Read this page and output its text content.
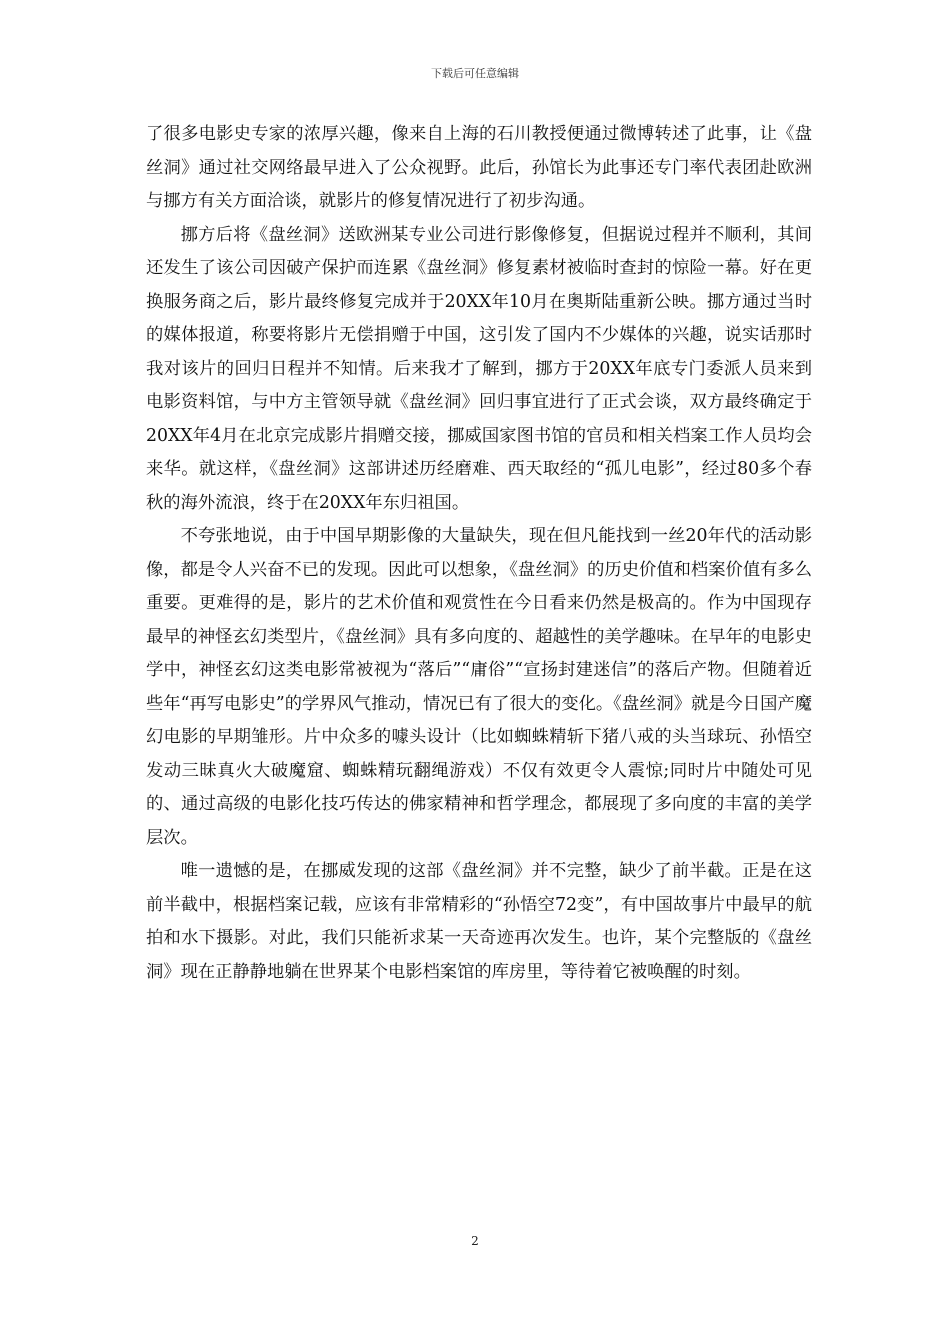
下载后可任意编辑

了很多电影史专家的浓厚兴趣，像来自上海的石川教授便通过微博转述了此事，让《盘丝洞》通过社交网络最早进入了公众视野。此后，孙馆长为此事还专门率代表团赴欧洲与挪方有关方面洽谈，就影片的修复情况进行了初步沟通。

挪方后将《盘丝洞》送欧洲某专业公司进行影像修复，但据说过程并不顺利，其间还发生了该公司因破产保护而连累《盘丝洞》修复素材被临时查封的惊险一幕。好在更换服务商之后，影片最终修复完成并于20XX年10月在奥斯陆重新公映。挪方通过当时的媒体报道，称要将影片无偿捐赠于中国，这引发了国内不少媒体的兴趣，说实话那时我对该片的回归日程并不知情。后来我才了解到，挪方于20XX年底专门委派人员来到电影资料馆，与中方主管领导就《盘丝洞》回归事宜进行了正式会谈，双方最终确定于20XX年4月在北京完成影片捐赠交接，挪威国家图书馆的官员和相关档案工作人员均会来华。就这样，《盘丝洞》这部讲述历经磨难、西天取经的“孤儿电影”，经过80多个春秋的海外流浪，终于在20XX年东归祖国。

不夸张地说，由于中国早期影像的大量缺失，现在但凡能找到一丝20年代的活动影像，都是令人兴奋不已的发现。因此可以想象，《盘丝洞》的历史价值和档案价值有多么重要。更难得的是，影片的艺术价值和观赏性在今日看来仍然是极高的。作为中国现存最早的神怪玄幻类型片，《盘丝洞》具有多向度的、超越性的美学趣味。在早年的电影史学中，神怪玄幻这类电影常被视为“落后”“庸俗”“宣扬封建迷信”的落后产物。但随着近些年“再写电影史”的学界风气推动，情况已有了很大的变化。《盘丝洞》就是今日国产魔幻电影的早期雏形。片中众多的噱头设计（比如蜘蛛精斩下猪八戒的头当球玩、孙悟空发动三昧真火大破魔窟、蜘蛛精玩翻绳游戏）不仅有效更令人震惊;同时片中随处可见的、通过高级的电影化技巧传达的佛家精神和哲学理念，都展现了多向度的丰富的美学层次。

唯一遗憾的是，在挪威发现的这部《盘丝洞》并不完整，缺少了前半截。正是在这前半截中，根据档案记载，应该有非常精彩的“孙悟空72变”，有中国故事片中最早的航拍和水下摄影。对此，我们只能祈求某一天奇迹再次发生。也许，某个完整版的《盘丝洞》现在正静静地躺在世界某个电影档案馆的库房里，等待着它被唤醒的时刻。

2
